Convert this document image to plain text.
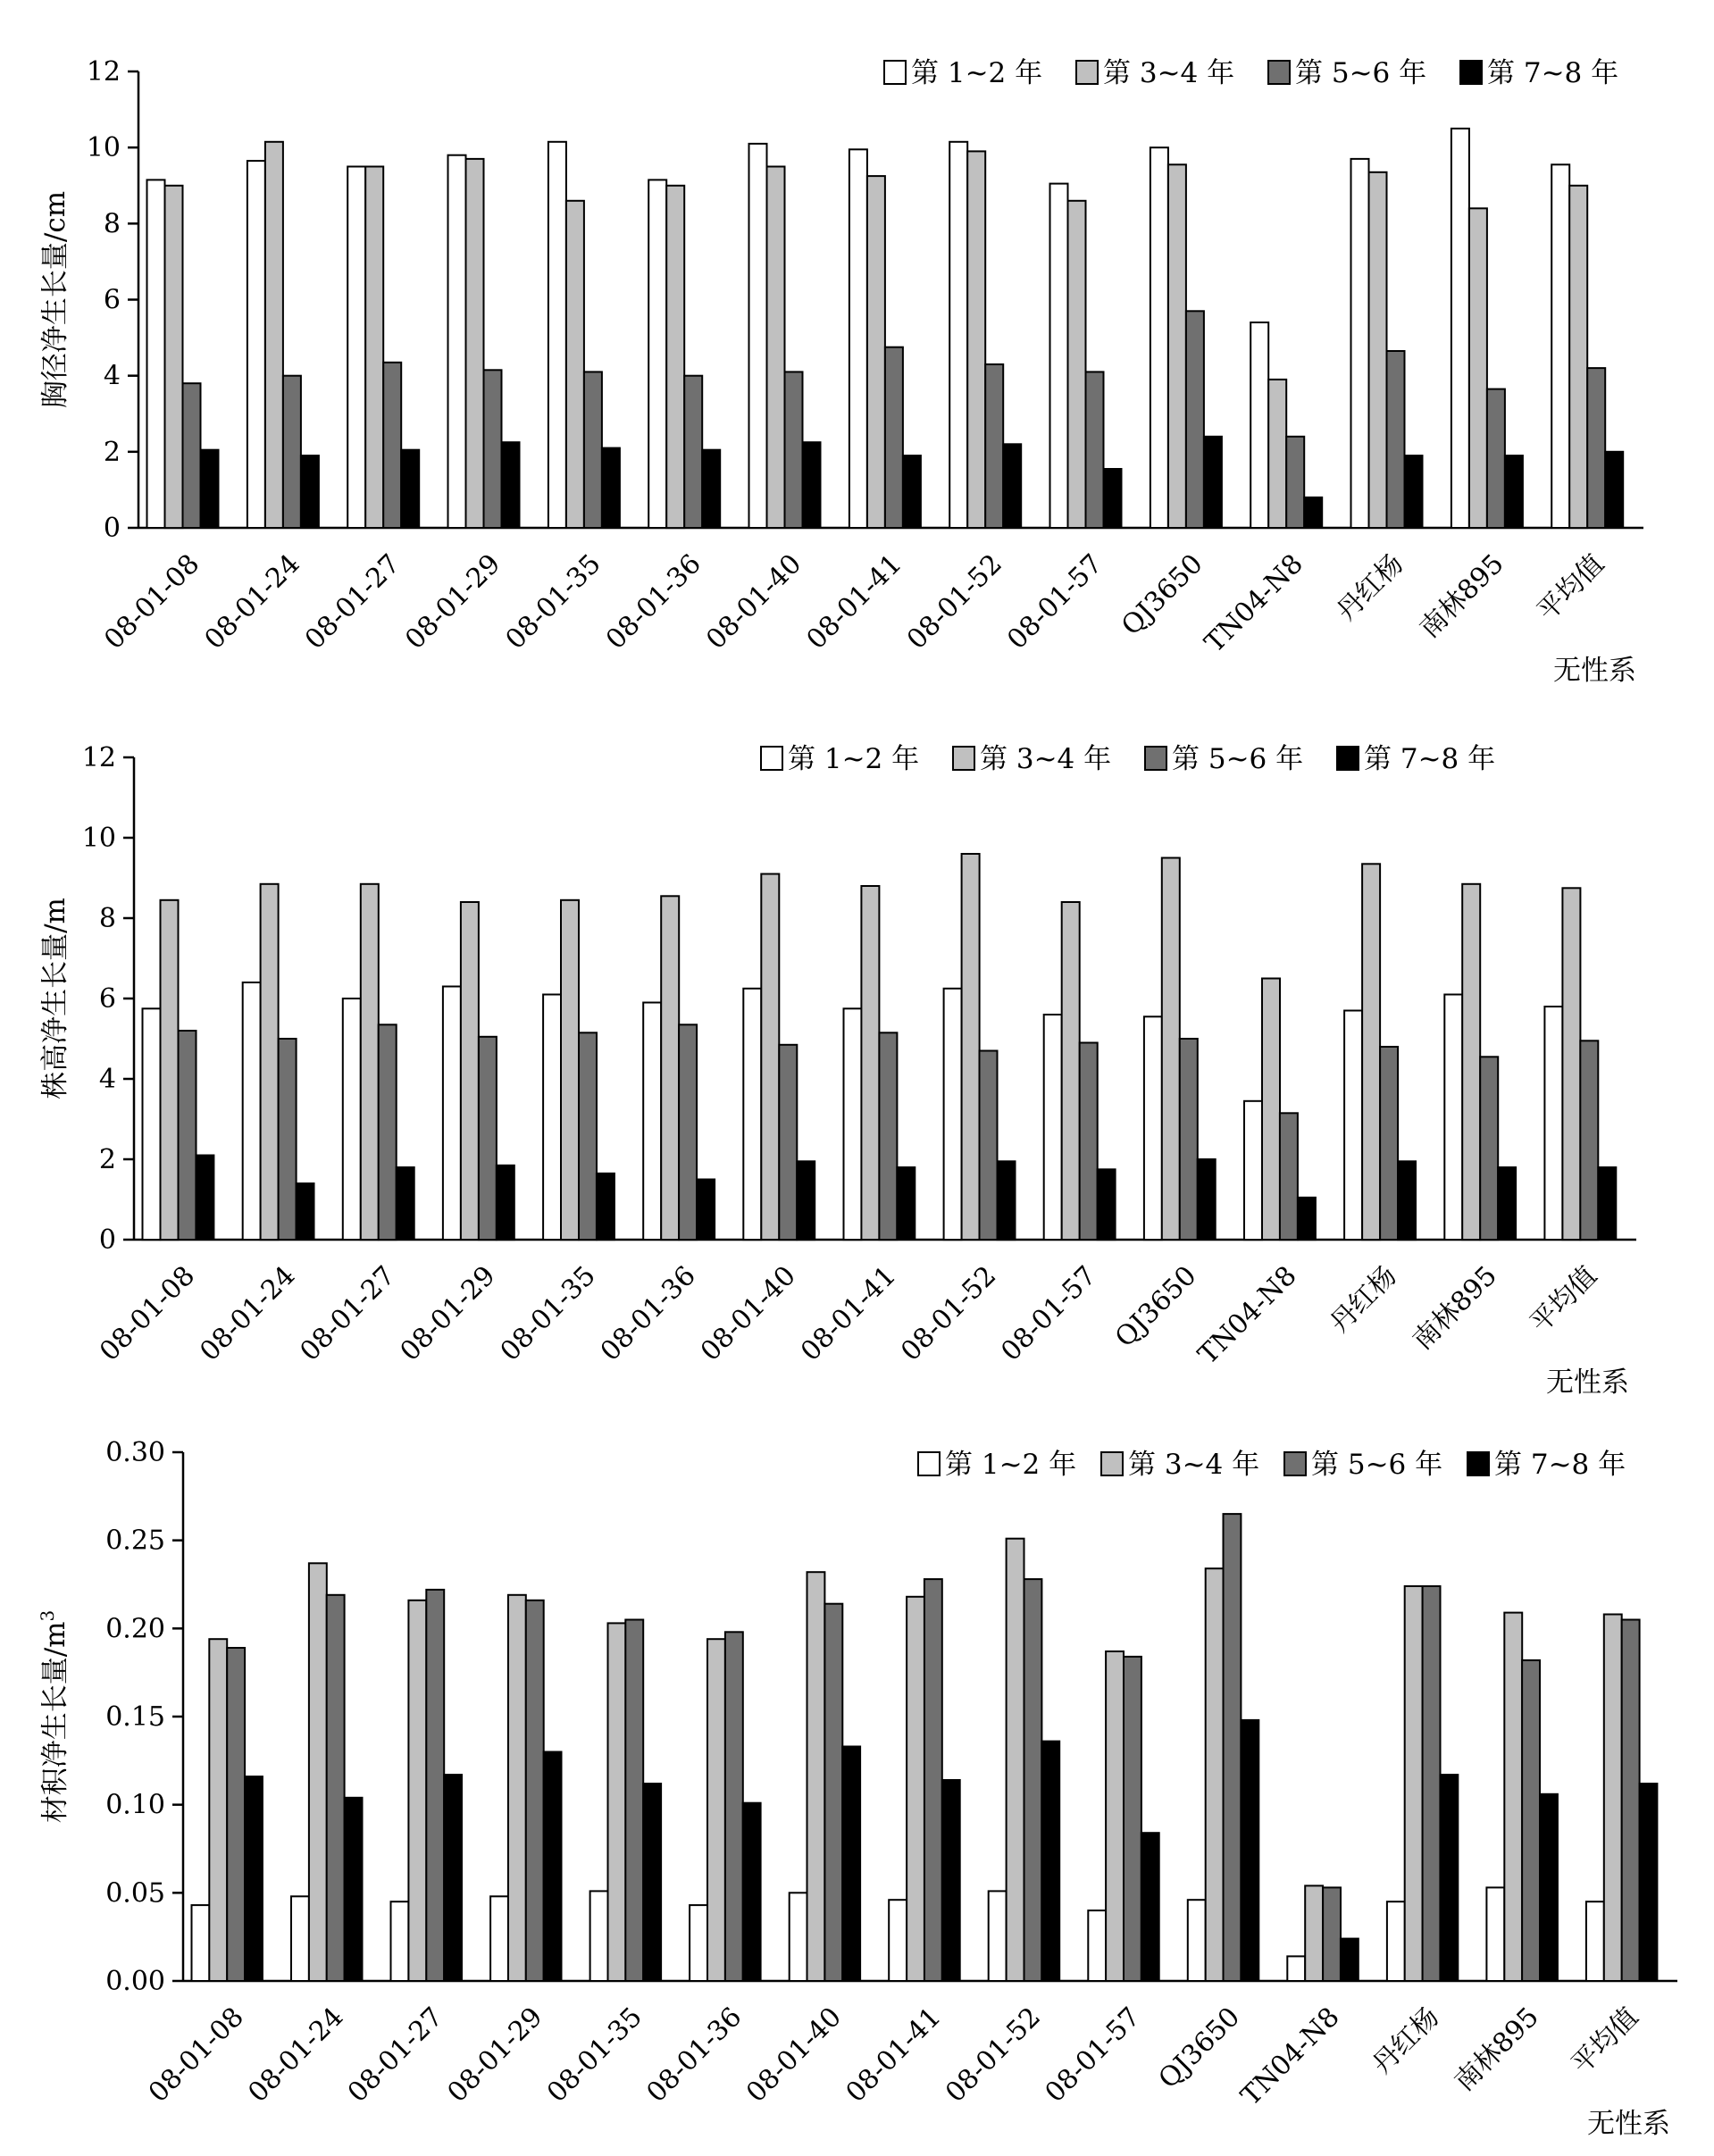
0
2
4
6
8
10
12
08-01-08
08-01-24
08-01-27
08-01-29
08-01-35
08-01-36
08-01-40
08-01-41
08-01-52
08-01-57 QJ3650
TN04-N8 丹红杨 南林895 平均值
胸径净生长量/cm
无性系
第 1~2 年 第 3~4 年 第 5~6 年 第 7~8 年
0
2
4
6
8
10
12
08-01-08
08-01-24
08-01-27
08-01-29
08-01-35
08-01-36
08-01-40
08-01-41
08-01-52
08-01-57 QJ3650
TN04-N8 丹红杨 南林895 平均值
株高净生长量/m
无性系
第 1~2 年 第 3~4 年 第 5~6 年 第 7~8 年
0.00
0.05
0.10
0.15
0.20
0.25
0.30
08-01-08
08-01-24
08-01-27
08-01-29
08-01-35
08-01-36
08-01-40
08-01-41
08-01-52
08-01-57 QJ3650
TN04-N8 丹红杨 南林895 平均值
材积净生长量$/m^3$
无性系
第 1~2 年 第 3~4 年 第 5~6 年 第 7~8 年
